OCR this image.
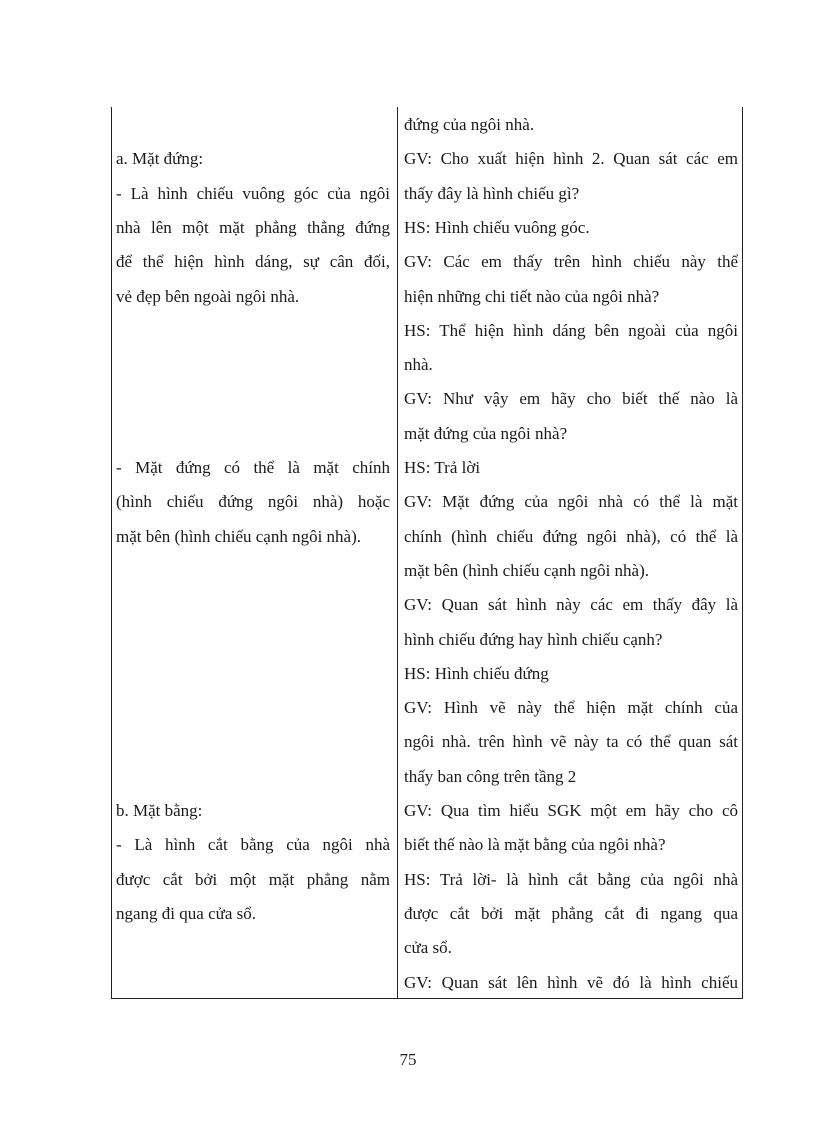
a. Mặt đứng:
- Là hình chiếu vuông góc của ngôi
nhà lên một mặt phẳng thẳng đứng
để thể hiện hình dáng, sự cân đối,
vẻ đẹp bên ngoài ngôi nhà.
- Mặt đứng có thể là mặt chính
(hình chiếu đứng ngôi nhà) hoặc
mặt bên (hình chiếu cạnh ngôi nhà).
b. Mặt bằng:
- Là hình cắt bằng của ngôi nhà
được cắt bởi một mặt phẳng nằm
ngang đi qua cửa sổ.
đứng của ngôi nhà.
GV: Cho xuất hiện hình 2. Quan sát các em
thấy đây là hình chiếu gì?
HS: Hình chiếu vuông góc.
GV: Các em thấy trên hình chiếu này thể
hiện những chi tiết nào của ngôi nhà?
HS: Thể hiện hình dáng bên ngoài của ngôi
nhà.
GV: Như vậy em hãy cho biết thế nào là
mặt đứng của ngôi nhà?
HS: Trả lời
GV: Mặt đứng của ngôi nhà có thể là mặt
chính (hình chiếu đứng ngôi nhà), có thể là
mặt bên (hình chiếu cạnh ngôi nhà).
GV: Quan sát hình này các em thấy đây là
hình chiếu đứng hay hình chiếu cạnh?
HS: Hình chiếu đứng
GV: Hình vẽ này thể hiện mặt chính của
ngôi nhà. trên hình vẽ này ta có thể quan sát
thấy ban công trên tầng 2
GV: Qua tìm hiểu SGK một em hãy cho cô
biết thế nào là mặt bằng của ngôi nhà?
HS: Trả lời- là hình cắt bằng của ngôi nhà
được cắt bởi mặt phẳng cắt đi ngang qua
cửa sổ.
GV: Quan sát lên hình vẽ đó là hình chiếu
75
